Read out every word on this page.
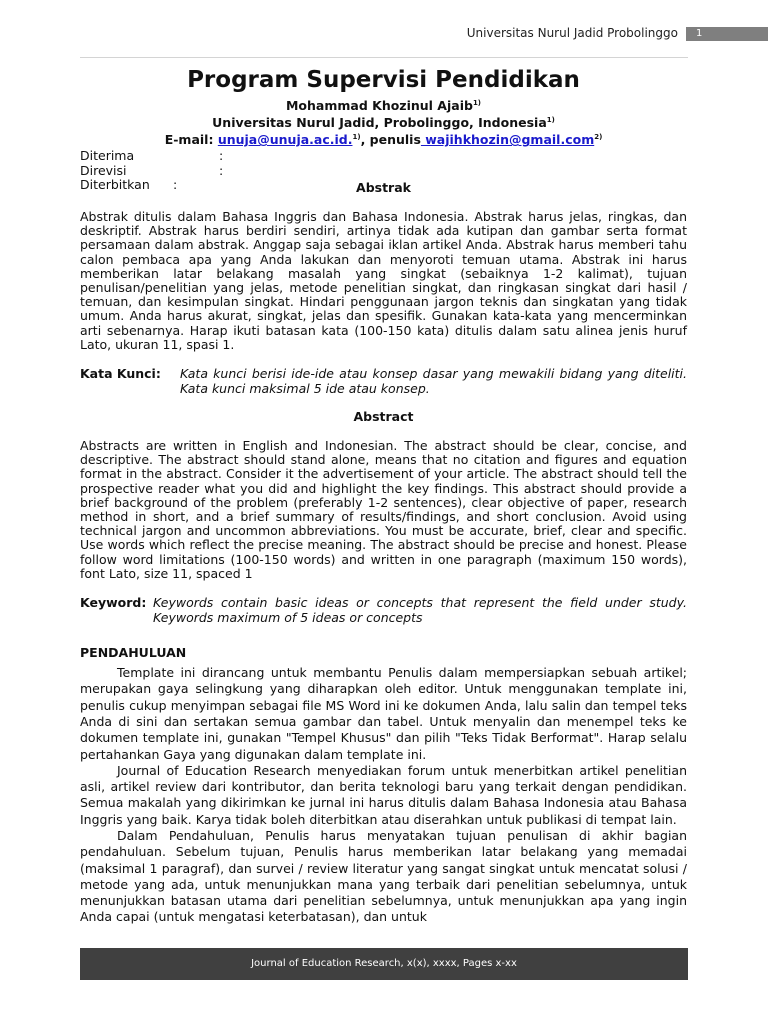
Universitas Nurul Jadid Probolinggo	1
Program Supervisi Pendidikan

Mohammad Khozinul Ajaib$^{1)}$

Universitas Nurul Jadid, Probolinggo, Indonesia$^{1)}$

E-mail: unuja@unuja.ac.id.$^{1)}$, penulis wajihkhozin@gmail.com$^{2)}$

Diterima	:
Direvisi	:
Diterbitkan	:	Abstrak

Abstrak ditulis dalam Bahasa Inggris dan Bahasa Indonesia. Abstrak harus jelas, ringkas, dan deskriptif. Abstrak harus berdiri sendiri, artinya tidak ada kutipan dan gambar serta format persamaan dalam abstrak. Anggap saja sebagai iklan artikel Anda. Abstrak harus memberi tahu calon pembaca apa yang Anda lakukan dan menyoroti temuan utama. Abstrak ini harus memberikan latar belakang masalah yang singkat (sebaiknya 1-2 kalimat), tujuan penulisan/penelitian yang jelas, metode penelitian singkat, dan ringkasan singkat dari hasil / temuan, dan kesimpulan singkat. Hindari penggunaan jargon teknis dan singkatan yang tidak umum. Anda harus akurat, singkat, jelas dan spesifik. Gunakan kata-kata yang mencerminkan arti sebenarnya. Harap ikuti batasan kata (100-150 kata) ditulis dalam satu alinea jenis huruf Lato, ukuran 11, spasi 1.

Kata Kunci:	Kata kunci berisi ide-ide atau konsep dasar yang mewakili bidang yang diteliti. Kata kunci maksimal 5 ide atau konsep.
Abstract

Abstracts are written in English and Indonesian. The abstract should be clear, concise, and descriptive. The abstract should stand alone, means that no citation and figures and equation format in the abstract. Consider it the advertisement of your article. The abstract should tell the prospective reader what you did and highlight the key findings. This abstract should provide a brief background of the problem (preferably 1-2 sentences), clear objective of paper, research method in short, and a brief summary of results/findings, and short conclusion. Avoid using technical jargon and uncommon abbreviations. You must be accurate, brief, clear and specific. Use words which reflect the precise meaning. The abstract should be precise and honest. Please follow word limitations (100-150 words) and written in one paragraph (maximum 150 words), font Lato, size 11, spaced 1

Keyword: Keywords contain basic ideas or concepts that represent the field under study. Keywords maximum of 5 ideas or concepts
PENDAHULUAN

Template ini dirancang untuk membantu Penulis dalam mempersiapkan sebuah artikel; merupakan gaya selingkung yang diharapkan oleh editor. Untuk menggunakan template ini, penulis cukup menyimpan sebagai file MS Word ini ke dokumen Anda, lalu salin dan tempel teks Anda di sini dan sertakan semua gambar dan tabel. Untuk menyalin dan menempel teks ke dokumen template ini, gunakan "Tempel Khusus" dan pilih "Teks Tidak Berformat". Harap selalu pertahankan Gaya yang digunakan dalam template ini.

Journal of Education Research menyediakan forum untuk menerbitkan artikel penelitian asli, artikel review dari kontributor, dan berita teknologi baru yang terkait dengan pendidikan. Semua makalah yang dikirimkan ke jurnal ini harus ditulis dalam Bahasa Indonesia atau Bahasa Inggris yang baik. Karya tidak boleh diterbitkan atau diserahkan untuk publikasi di tempat lain.

Dalam Pendahuluan, Penulis harus menyatakan tujuan penulisan di akhir bagian pendahuluan. Sebelum tujuan, Penulis harus memberikan latar belakang yang memadai (maksimal 1 paragraf), dan survei / review literatur yang sangat singkat untuk mencatat solusi / metode yang ada, untuk menunjukkan mana yang terbaik dari penelitian sebelumnya, untuk menunjukkan batasan utama dari penelitian sebelumnya, untuk menunjukkan apa yang ingin Anda capai (untuk mengatasi keterbatasan), dan untuk

Journal of Education Research, x(x), xxxx, Pages x-xx
